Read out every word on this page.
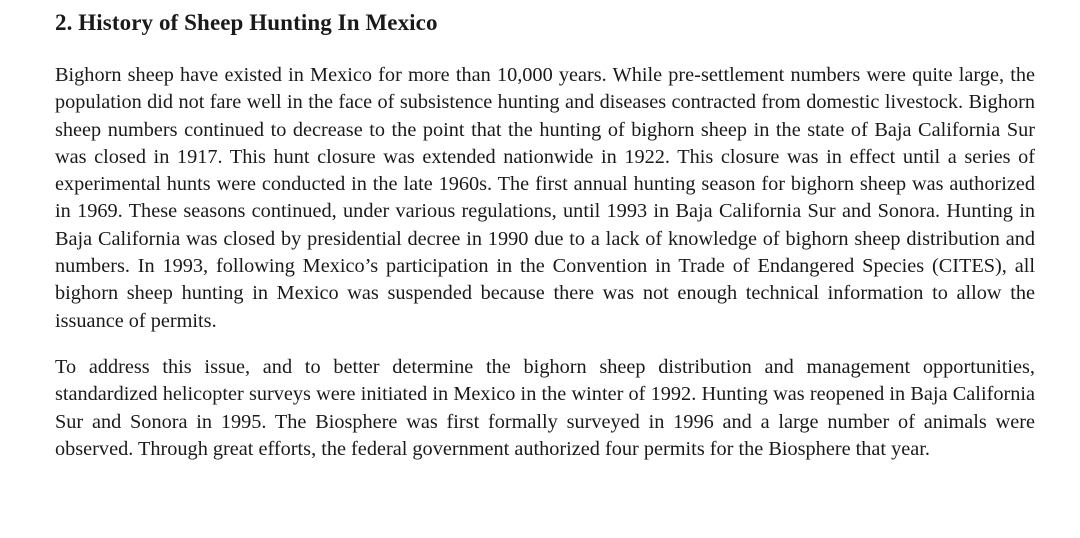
2. History of Sheep Hunting In Mexico

Bighorn sheep have existed in Mexico for more than 10,000 years. While pre-settlement numbers were quite large, the population did not fare well in the face of subsistence hunting and diseases contracted from domestic livestock. Bighorn sheep numbers continued to decrease to the point that the hunting of bighorn sheep in the state of Baja California Sur was closed in 1917. This hunt closure was extended nationwide in 1922. This closure was in effect until a series of experimental hunts were conducted in the late 1960s. The first annual hunting season for bighorn sheep was authorized in 1969. These seasons continued, under various regulations, until 1993 in Baja California Sur and Sonora. Hunting in Baja California was closed by presidential decree in 1990 due to a lack of knowledge of bighorn sheep distribution and numbers. In 1993, following Mexico’s participation in the Convention in Trade of Endangered Species (CITES), all bighorn sheep hunting in Mexico was suspended because there was not enough technical information to allow the issuance of permits.

To address this issue, and to better determine the bighorn sheep distribution and management opportunities, standardized helicopter surveys were initiated in Mexico in the winter of 1992. Hunting was reopened in Baja California Sur and Sonora in 1995. The Biosphere was first formally surveyed in 1996 and a large number of animals were observed. Through great efforts, the federal government authorized four permits for the Biosphere that year.
